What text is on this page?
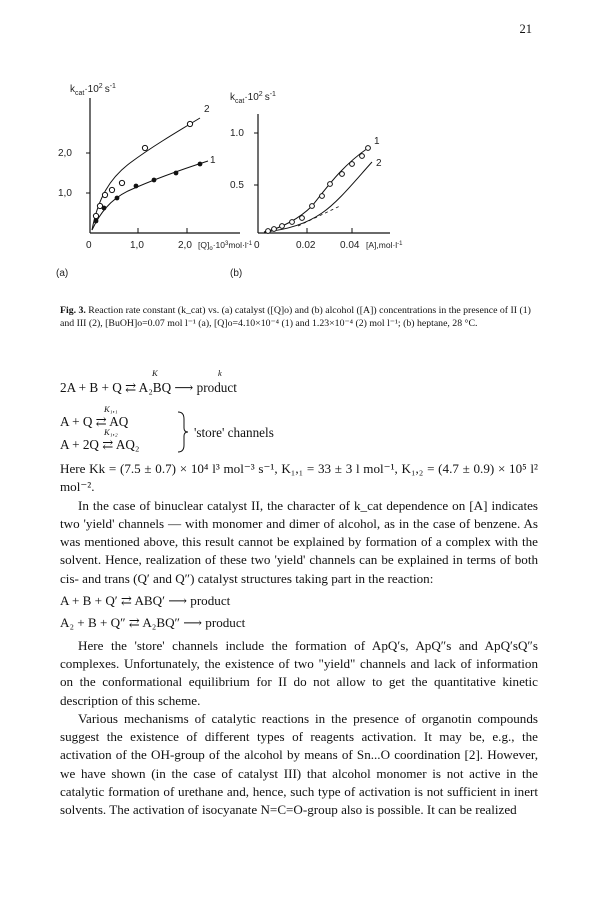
21
2,0
1,0
0	1,0	2,0
$k_{cat}\cdot 10^2$ $s^{-1}$
$[Q]_o\cdot 10^3mol\cdot l^{-1}$
2
1
(a)
1.0
0.5
0	0.02 0.04
$k_{cat}\cdot 10^2$ $s^{-1}$
$[A],mol\cdot l^{-1}$
1
2
(b)
Fig. 3. Reaction rate constant (k_cat) vs. (a) catalyst ([Q]o) and (b) alcohol ([A]) concentrations in the presence of II (1) and III (2), [BuOH]o=0.07 mol l⁻¹ (a), [Q]o=4.10×10⁻⁴ (1) and 1.23×10⁻⁴ (2) mol l⁻¹; (b) heptane, 28 °C.
K	k
2A + B + Q ⇄ A₂BQ ⟶ product
K₁,₁
A + Q ⇄ AQ
K₁,₂
A + 2Q ⇄ AQ₂
'store' channels

Here Kk = (7.5 ± 0.7) × 10⁴ l³ mol⁻³ s⁻¹, K₁,₁ = 33 ± 3 l mol⁻¹, K₁,₂ = (4.7 ± 0.9) × 10⁵ l² mol⁻².

In the case of binuclear catalyst II, the character of k_cat dependence on [A] indicates two 'yield' channels — with monomer and dimer of alcohol, as in the case of benzene. As was mentioned above, this result cannot be explained by formation of a complex with the solvent. Hence, realization of these two 'yield' channels can be explained in terms of both cis- and trans (Q′ and Q″) catalyst structures taking part in the reaction:

A + B + Q′ ⇄ ABQ′ ⟶ product

A₂ + B + Q″ ⇄ A₂BQ″ ⟶ product

Here the 'store' channels include the formation of ApQ′s, ApQ″s and ApQ′sQ″s complexes. Unfortunately, the existence of two "yield" channels and lack of information on the conformational equilibrium for II do not allow to get the quantitative kinetic description of this scheme.

Various mechanisms of catalytic reactions in the presence of organotin compounds suggest the existence of different types of reagents activation. It may be, e.g., the activation of the OH-group of the alcohol by means of Sn...O coordination [2]. However, we have shown (in the case of catalyst III) that alcohol monomer is not active in the catalytic formation of urethane and, hence, such type of activation is not sufficient in inert solvents. The activation of isocyanate N=C=O-group also is possible. It can be realized
